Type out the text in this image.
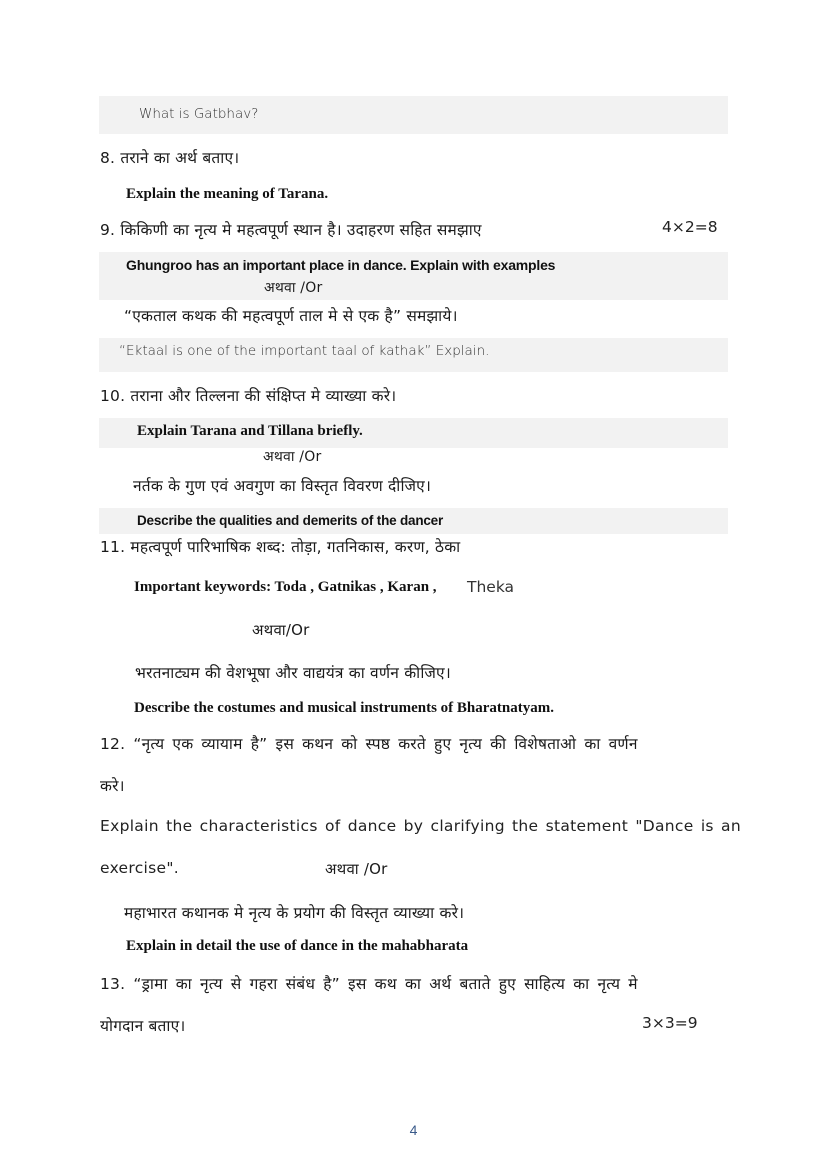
What is Gatbhav?
8. तराने का अर्थ बताए।
Explain the meaning of Tarana.
9. किकिणी का नृत्य मे महत्वपूर्ण स्थान है। उदाहरण सहित समझाए	4×2=8
Ghungroo has an important place in dance. Explain with examples
अथवा /Or
“एकताल कथक की महत्वपूर्ण ताल मे से एक है” समझाये।
“Ektaal is one of the important taal of kathak” Explain.
10. तराना और तिल्लना की संक्षिप्त मे व्याख्या करे।
Explain Tarana and Tillana briefly.
अथवा /Or
नर्तक के गुण एवं अवगुण का विस्तृत विवरण दीजिए।
Describe the qualities and demerits of the dancer
11. महत्वपूर्ण पारिभाषिक शब्द: तोड़ा, गतनिकास, करण, ठेका
Important keywords: Toda , Gatnikas , Karan , Theka
अथवा/Or
भरतनाट्यम की वेशभूषा और वाद्ययंत्र का वर्णन कीजिए।
Describe the costumes and musical instruments of Bharatnatyam.
12. “नृत्य एक व्यायाम है” इस कथन को स्पष्ठ करते हुए नृत्य की विशेषताओ का वर्णन
करे।
Explain the characteristics of dance by clarifying the statement "Dance is an
exercise".	अथवा /Or
महाभारत कथानक मे नृत्य के प्रयोग की विस्तृत व्याख्या करे।
Explain in detail the use of dance in the mahabharata
13. “ड्रामा का नृत्य से गहरा संबंध है” इस कथ का अर्थ बताते हुए साहित्य का नृत्य मे
योगदान बताए।	3×3=9
4
